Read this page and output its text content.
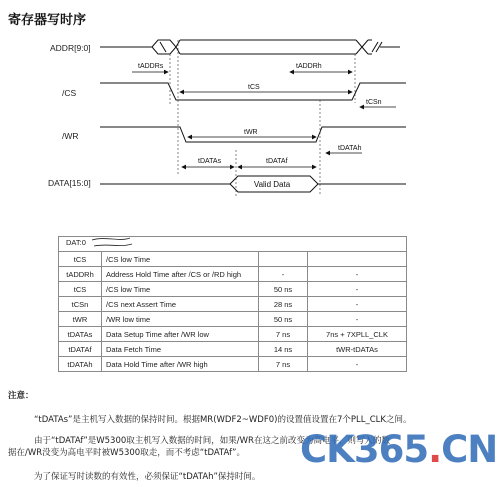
寄存器写时序
ADDR[9:0]
/CS
/WR
DATA[15:0]	Valid Data
tADDRs	tADDRh
tCS
tCSn
tWR
tDATAh
tDATAs	tDATAf
DAT:0

tCS	/CS low Time		
tADDRh	Address Hold Time after /CS or /RD high	-	-
tCS	/CS low Time	50 ns	-
tCSn	/CS next Assert Time	28 ns	-
tWR	/WR low time	50 ns	-
tDATAs	Data Setup Time after /WR low	7 ns	7ns + 7XPLL_CLK
tDATAf	Data Fetch Time	14 ns	tWR-tDATAs
tDATAh	Data Hold Time after /WR high	7 ns	-
注意：
“tDATAs”是主机写入数据的保持时间。根据MR(WDF2~WDF0)的设置值设置在7个PLL_CLK之间。
由于“tDATAf”是W5300取主机写入数据的时间，如果/WR在这之前改变为高电平，则写入的数
据在/WR没变为高电平时被W5300取走，而不考虑“tDATAf”。
为了保证写时读数的有效性，必须保证“tDATAh”保持时间。
CK365.CN
